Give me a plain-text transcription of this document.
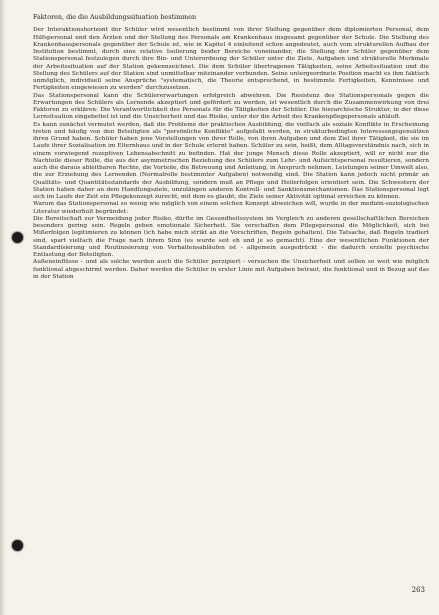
Faktoren, die die Ausbildungssituation bestimmen

Der Interaktionshorizont der Schüler wird wesentlich bestimmt von ihrer Stellung gegenüber dem diplomierten Personal, dem Hilfspersonal und den Ärzten und der Stellung des Personals am Krankenhaus insgesamt gegenüber der Schule. Die Stellung des Krankenhauspersonals gegenüber der Schule ist, wie in Kapitel 4 einleitend schon angedeutet, auch vom strukturellen Aufbau der Institution bestimmt, durch eine relative Isolierung beider Bereiche voneinander, die Stellung der Schüler gegenüber dem Stationspersonal festzulegen durch ihre Bin- und Unterordnung der Schüler unter die Ziele, Aufgaben und strukturelle Merkmale der Arbeitssituation auf der Station gekennzeichnet. Die dem Schüler übertragenen Tätigkeiten, seine Arbeitssituation und die Stellung des Schülers auf der Station sind unmittelbar miteinander verbunden. Seine untergeordnete Position macht es ihm faktisch unmöglich, individuell seine Ansprüche "systematisch, die Theorie entsprechend, in bestimmte Fertigkeiten, Kenntnisse und Fertigkeiten eingewiesen zu werden" durchzusetzen.

Das Stationspersonal kann die Schülererwartungen erfolgreich abwehren. Die Resistenz des Stationspersonals gegen die Erwartungen des Schülers als Lernende akzeptiert und gefördert zu werden, ist wesentlich durch die Zusammenwirkung von drei Faktoren zu erklären: Die Verantwortlichkeit des Personals für die Tätigkeiten der Schüler. Die hierarchische Struktur, in der diese Lernsituation eingebettet ist und die Unsicherheit und das Risiko, unter der die Arbeit des Krankenpflegepersonals abläuft.

Es kann zunächst vermutet werden, daß die Probleme der praktischen Ausbildung, die vielfach als soziale Konflikte in Erscheinung treten und häufig von den Beteiligten als "persönliche Konflikte" aufgefaßt werden, in strukturbedingten Interessengegensätzen ihren Grund haben. Schüler haben jene Vorstellungen von ihrer Rolle, von ihren Aufgaben und dem Ziel ihrer Tätigkeit, die sie im Laufe ihrer Sozialisation im Elternhaus und in der Schule erlernt haben. Schüler zu sein, heißt, dem Alltagsverständnis nach, sich in einem vorwiegend rezeptiven Lebensabschnitt zu befinden. Hat der junge Mensch diese Rolle akzeptiert, will er nicht nur die Nachteile dieser Rolle, die aus der asymmetrischen Beziehung des Schülers zum Lehr- und Aufsichtspersonal resultieren, sondern auch die daraus ableitbaren Rechte, die Vorteile, die Betreuung und Anleitung, in Anspruch nehmen, Leistungen seiner Umwelt also, die zur Erziehung des Lernenden (Normalrolle bestimmter Aufgaben) notwendig sind. Die Station kann jedoch nicht primär an Qualitäts- und Quantitätsstandards der Ausbildung, sondern muß an Pflege und Heilerfolgen orientiert sein. Die Schwestern der Station haben daher an dem Handlungsziele, unzulängen anderen Kontroll- und Sanktionsmechanismen. Das Stationspersonal legt sich im Laufe der Zeit ein Pflegekonzept zurecht, mit dem es glaubt, die Ziele seiner Aktivität optimal erreichen zu können.

Warum das Stationspersonal so wenig wie möglich von einem solchen Konzept abweichen will, wurde in der medizin-soziologischen Literatur wiederholt begründet:

Die Bereitschaft zur Vermeidung jeder Risiko, dürfte im Gesundheitssystem im Vergleich zu anderen gesellschaftlichen Bereichen besonders gering sein. Regeln geben emotionale Sicherheit. Sie verschaffen dem Pflegepersonal die Möglichkeit, sich bei Mißerfolgen legitimieren zu können (ich habe mich strikt an die Vorschriften, Regeln gehalten). Die Tatsache, daß Regeln tradiert sind, spart vielfach die Frage nach ihrem Sinn (es wurde seit eh und je so gemacht). Eine der wesentlichen Funktionen der Standardisierung und Routinisierung von Verhaltensabläufen ist - allgemein ausgedrückt - die dadurch erzielte psychische Entlastung der Beteiligten.

Außeneinflüsse - und als solche werden auch die Schüler perzipiert - versuchen die Unsicherheit und sollen so weit wie möglich funktional abgeschirmt werden. Daher werden die Schüler in erster Linie mit Aufgaben betraut, die funktional und in Bezug auf das in der Station

263
